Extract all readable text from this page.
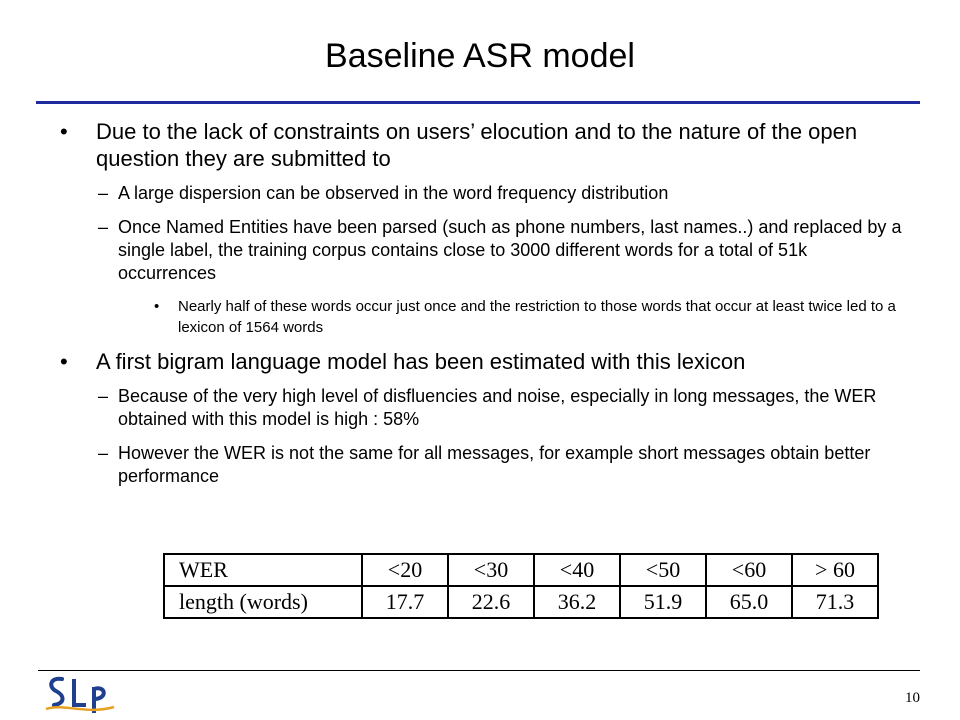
Baseline ASR model
• Due to the lack of constraints on users’ elocution and to the nature of the open question they are submitted to
– A large dispersion can be observed in the word frequency distribution
– Once Named Entities have been parsed (such as phone numbers, last names..) and replaced by a single label, the training corpus contains close to 3000 different words for a total of 51k occurrences
• Nearly half of these words occur just once and the restriction to those words that occur at least twice led to a lexicon of 1564 words
• A first bigram language model has been estimated with this lexicon
– Because of the very high level of disfluencies and noise, especially in long messages, the WER obtained with this model is high : 58%
– However the WER is not the same for all messages, for example short messages obtain better performance
WER	<20	<30	<40	<50	<60	> 60
length (words)	17.7	22.6	36.2	51.9	65.0	71.3
10
